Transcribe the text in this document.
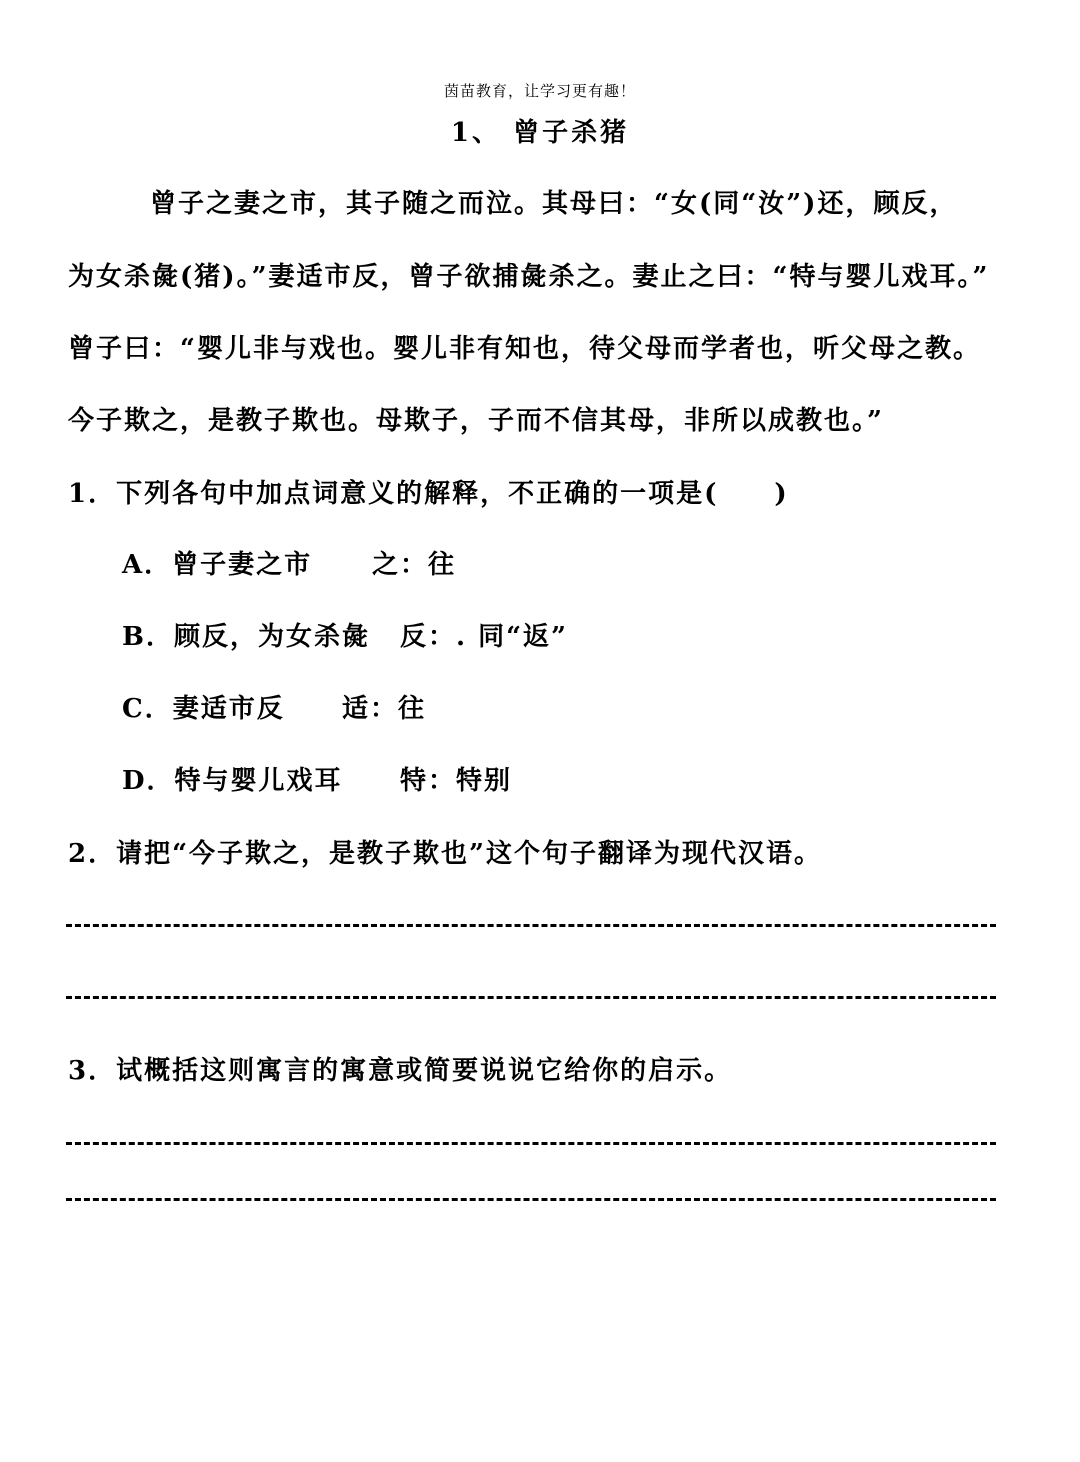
茵苗教育，让学习更有趣！
1、 曾子杀猪
曾子之妻之市，其子随之而泣。其母曰：“女(同“汝”)还，顾反，
为女杀彘(猪)。”妻适市反，曾子欲捕彘杀之。妻止之曰：“特与婴儿戏耳。”
曾子曰：“婴儿非与戏也。婴儿非有知也，待父母而学者也，听父母之教。
今子欺之，是教子欺也。母欺子，子而不信其母，非所以成教也。”
1．下列各句中加点词意义的解释，不正确的一项是(　　)
A．曾子妻之市 之：往
B．顾反，为女杀彘 反：. 同“返”
C．妻适市反 适：往
D．特与婴儿戏耳 特：特别
2．请把“今子欺之，是教子欺也”这个句子翻译为现代汉语。
3．试概括这则寓言的寓意或简要说说它给你的启示。
